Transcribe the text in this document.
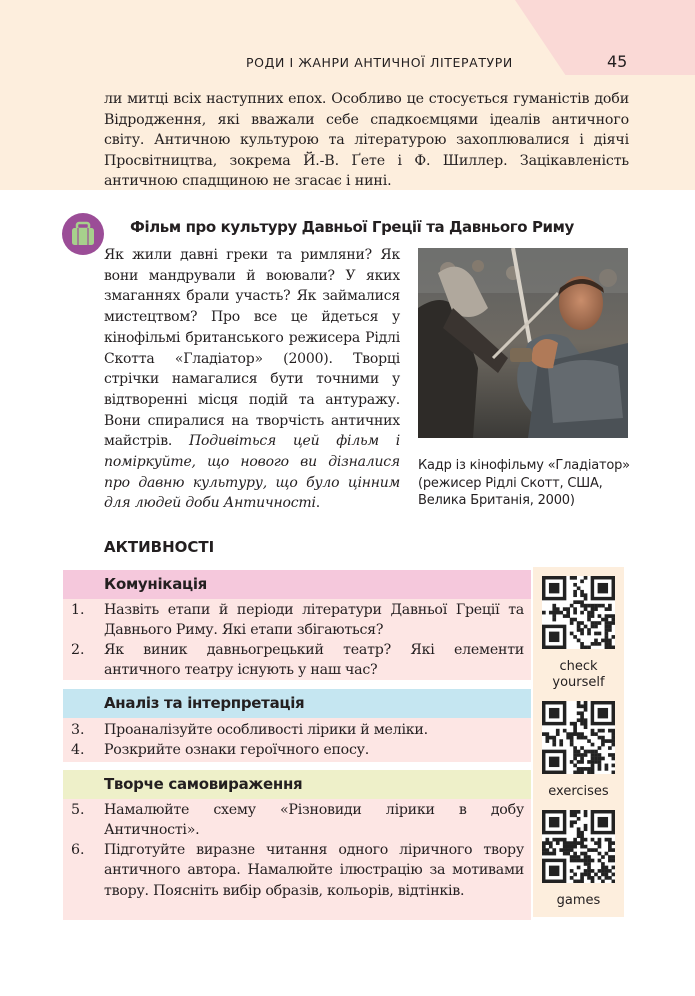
РОДИ І ЖАНРИ АНТИЧНОЇ ЛІТЕРАТУРИ	45

ли митці всіх наступних епох. Особливо це стосується гуманістів доби Відродження, які вважали себе спадкоємцями ідеалів античного світу. Античною культурою та літературою захоплювалися і діячі Просвітництва, зокрема Й.-В. Ґете і Ф. Шиллер. Зацікавленість античною спадщиною не згасає і нині.

Фільм про культуру Давньої Греції та Давнього Риму

Як жили давні греки та римляни? Як вони мандрували й воювали? У яких змаганнях брали участь? Як займалися мистецтвом? Про все це йдеться у кінофільмі британського режисера Рідлі Скотта «Гладіатор» (2000). Творці стрічки намагалися бути точними у відтворенні місця подій та антуражу. Вони спиралися на творчість античних майстрів. Подивіться цей фільм і поміркуйте, що нового ви дізналися про давню культуру, що було цінним для людей доби Античності.

Кадр із кінофільму «Гладіатор» (режисер Рідлі Скотт, США, Велика Британія, 2000)

АКТИВНОСТІ
Комунікація
1. Назвіть етапи й періоди літератури Давньої Греції та Давнього Риму. Які етапи збігаються?
2. Як виник давньогрецький театр? Які елементи античного театру існують у наш час?
Аналіз та інтерпретація
3. Проаналізуйте особливості лірики й меліки.
4. Розкрийте ознаки героїчного епосу.
Творче самовираження
5. Намалюйте схему «Різновиди лірики в добу Античності».
6. Підготуйте виразне читання одного ліричного твору античного автора. Намалюйте ілюстрацію за мотивами твору. Поясніть вибір образів, кольорів, відтінків.
check yourself
exercises
games
